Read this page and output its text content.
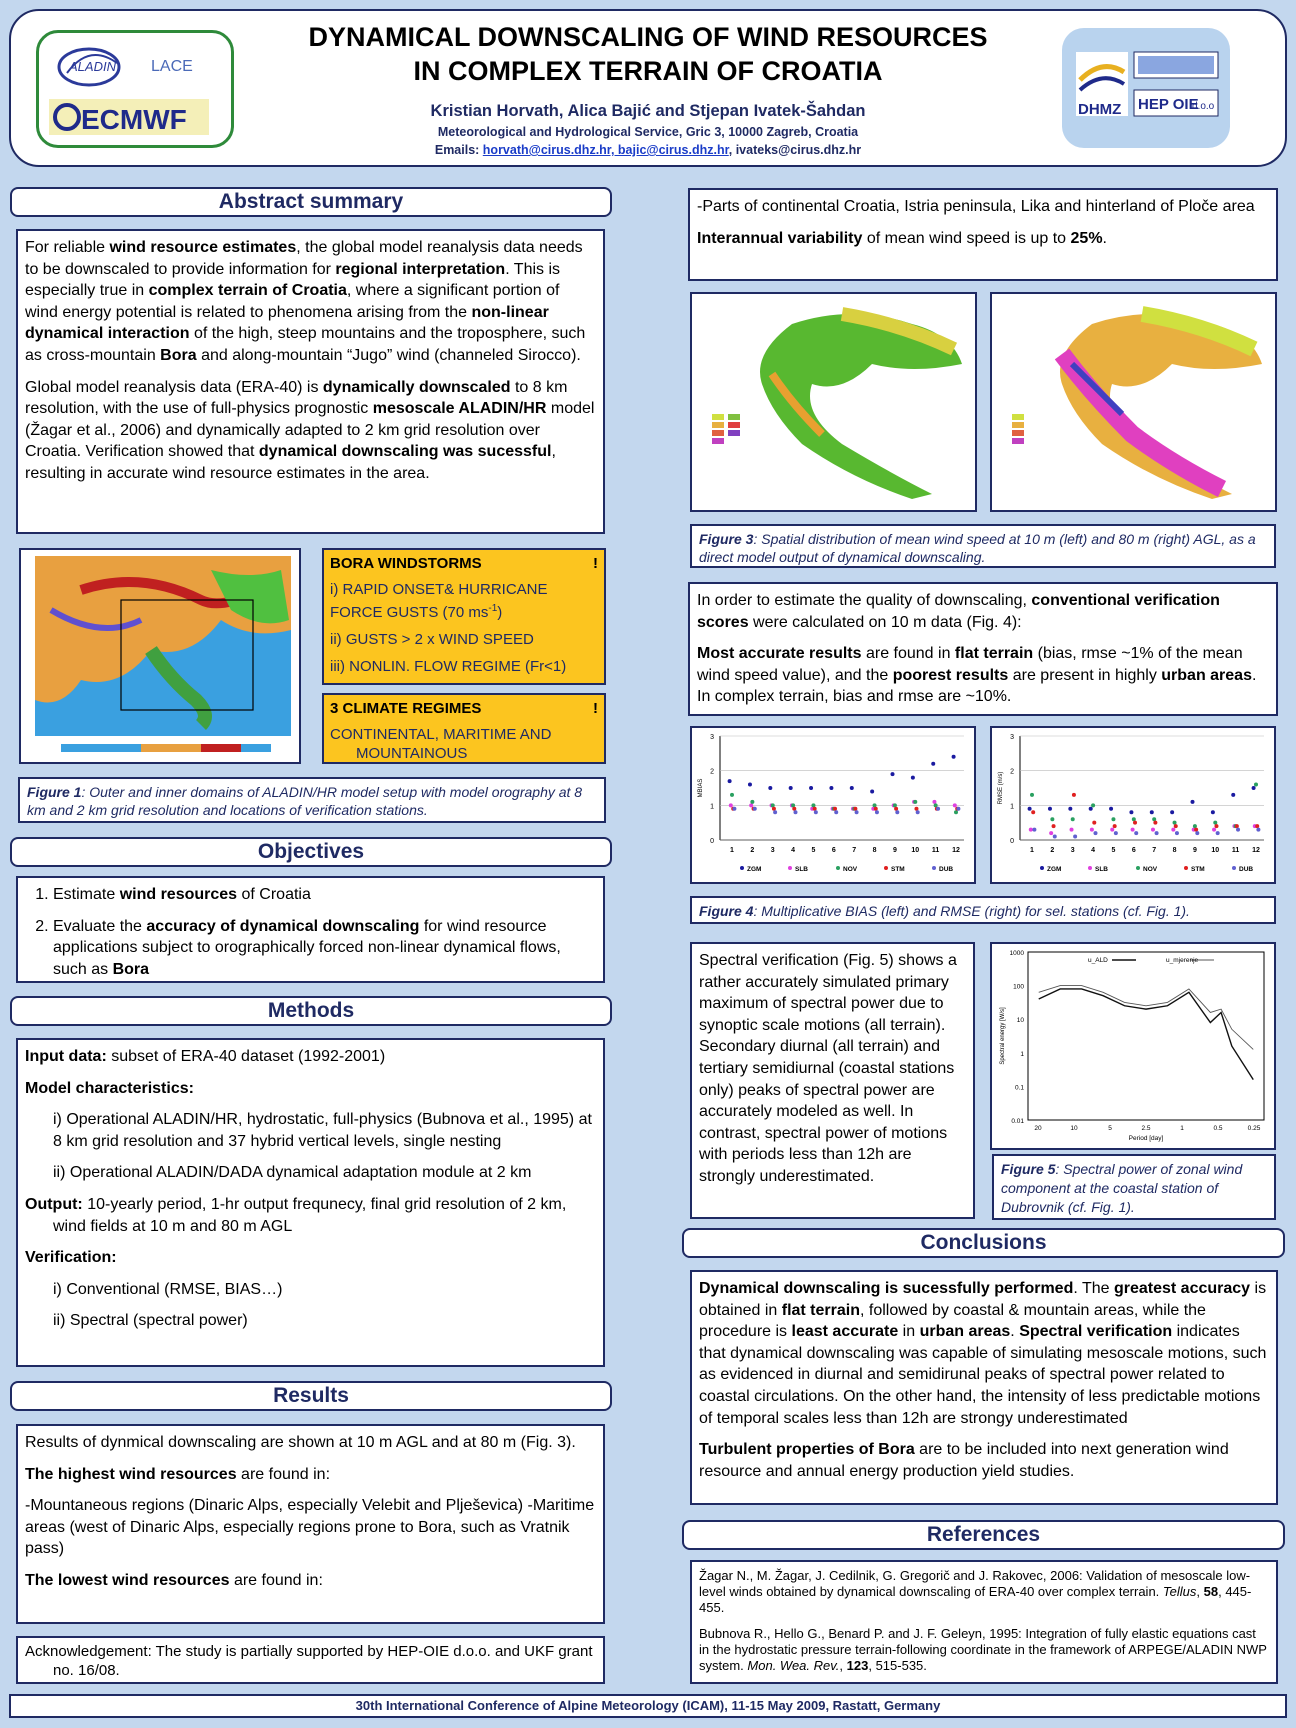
ALADIN LACE
ECMWF
DYNAMICAL DOWNSCALING OF WIND RESOURCES
IN COMPLEX TERRAIN OF CROATIA
Kristian Horvath, Alica Bajić and Stjepan Ivatek-Šahdan
Meteorological and Hydrological Service, Gric 3, 10000 Zagreb, Croatia
Emails: horvath@cirus.dhz.hr, bajic@cirus.dhz.hr, ivateks@cirus.dhz.hr
DHMZ HEP OIE
d.o.o
Abstract summary

For reliable wind resource estimates, the global model reanalysis data needs to be downscaled to provide information for regional interpretation. This is especially true in complex terrain of Croatia, where a significant portion of wind energy potential is related to phenomena arising from the non-linear dynamical interaction of the high, steep mountains and the troposphere, such as cross-mountain Bora and along-mountain “Jugo” wind (channeled Sirocco).

Global model reanalysis data (ERA-40) is dynamically downscaled to 8 km resolution, with the use of full-physics prognostic mesoscale ALADIN/HR model (Žagar et al., 2006) and dynamically adapted to 2 km grid resolution over Croatia. Verification showed that dynamical downscaling was sucessful, resulting in accurate wind resource estimates in the area.

BORA WINDSTORMS	!

i) RAPID ONSET& HURRICANE FORCE GUSTS (70 $ms^{-1}$)

ii) GUSTS > 2 x WIND SPEED

iii) NONLIN. FLOW REGIME (Fr<1)

3 CLIMATE REGIMES	!
CONTINENTAL, MARITIME AND
MOUNTAINOUS
Figure 1: Outer and inner domains of ALADIN/HR model setup with model orography at 8 km and 2 km grid resolution and locations of verification stations.
Objectives
1. Estimate wind resources of Croatia
2. Evaluate the accuracy of dynamical downscaling for wind resource applications subject to orographically forced non-linear dynamical flows, such as Bora
Methods

Input data: subset of ERA-40 dataset (1992-2001)

Model characteristics:

i) Operational ALADIN/HR, hydrostatic, full-physics (Bubnova et al., 1995) at 8 km grid resolution and 37 hybrid vertical levels, single nesting

ii) Operational ALADIN/DADA dynamical adaptation module at 2 km

Output: 10-yearly period, 1-hr output frequnecy, final grid resolution of 2 km, wind fields at 10 m and 80 m AGL

Verification:

i) Conventional (RMSE, BIAS…)

ii) Spectral (spectral power)

Results

Results of dynmical downscaling are shown at 10 m AGL and at 80 m (Fig. 3).

The highest wind resources are found in:

-Mountaneous regions (Dinaric Alps, especially Velebit and Plješevica) -Maritime areas (west of Dinaric Alps, especially regions prone to Bora, such as Vratnik pass)

The lowest wind resources are found in:

Acknowledgement: The study is partially supported by HEP-OIE d.o.o. and UKF grant no. 16/08.

-Parts of continental Croatia, Istria peninsula, Lika and hinterland of Ploče area

Interannual variability of mean wind speed is up to 25%.

Figure 3: Spatial distribution of mean wind speed at 10 m (left) and 80 m (right) AGL, as a direct model output of dynamical downscaling.

In order to estimate the quality of downscaling, conventional verification scores were calculated on 10 m data (Fig. 4):

Most accurate results are found in flat terrain (bias, rmse ~1% of the mean wind speed value), and the poorest results are present in highly urban areas. In complex terrain, bias and rmse are ~10%.

0
1
2
3
MBIAS
1 2 3 4 5 6 7 8 9 10 11 12
ZGM	SLB	NOV	STM	DUB
0
1
2
3
RMSE (m/s)
1 2 3 4 5 6 7 8 9 10 11 12
ZGM	SLB	NOV	STM	DUB
Figure 4: Multiplicative BIAS (left) and RMSE (right) for sel. stations (cf. Fig. 1).

Spectral verification (Fig. 5) shows a rather accurately simulated primary maximum of spectral power due to synoptic scale motions (all terrain). Secondary diurnal (all terrain) and tertiary semidiurnal (coastal stations only) peaks of spectral power are accurately modeled as well. In contrast, spectral power of motions with periods less than 12h are strongly underestimated.

1000
100
10
1
0.1
0.01
20	10	5	2.5	1	0.5	0.25
Period [day]
Spectral energy [W/s]
u_ALD	u_mjerenje
Figure 5: Spectral power of zonal wind component at the coastal station of Dubrovnik (cf. Fig. 1).
Conclusions

Dynamical downscaling is sucessfully performed. The greatest accuracy is obtained in flat terrain, followed by coastal & mountain areas, while the procedure is least accurate in urban areas. Spectral verification indicates that dynamical downscaling was capable of simulating mesoscale motions, such as evidenced in diurnal and semidirunal peaks of spectral power related to coastal circulations. On the other hand, the intensity of less predictable motions of temporal scales less than 12h are strongy underestimated

Turbulent properties of Bora are to be included into next generation wind resource and annual energy production yield studies.

References

Žagar N., M. Žagar, J. Cedilnik, G. Gregorič and J. Rakovec, 2006: Validation of mesoscale low-level winds obtained by dynamical downscaling of ERA-40 over complex terrain. Tellus, 58, 445-455.

Bubnova R., Hello G., Benard P. and J. F. Geleyn, 1995: Integration of fully elastic equations cast in the hydrostatic pressure terrain-following coordinate in the framework of ARPEGE/ALADIN NWP system. Mon. Wea. Rev., 123, 515-535.

30th International Conference of Alpine Meteorology (ICAM), 11-15 May 2009, Rastatt, Germany
